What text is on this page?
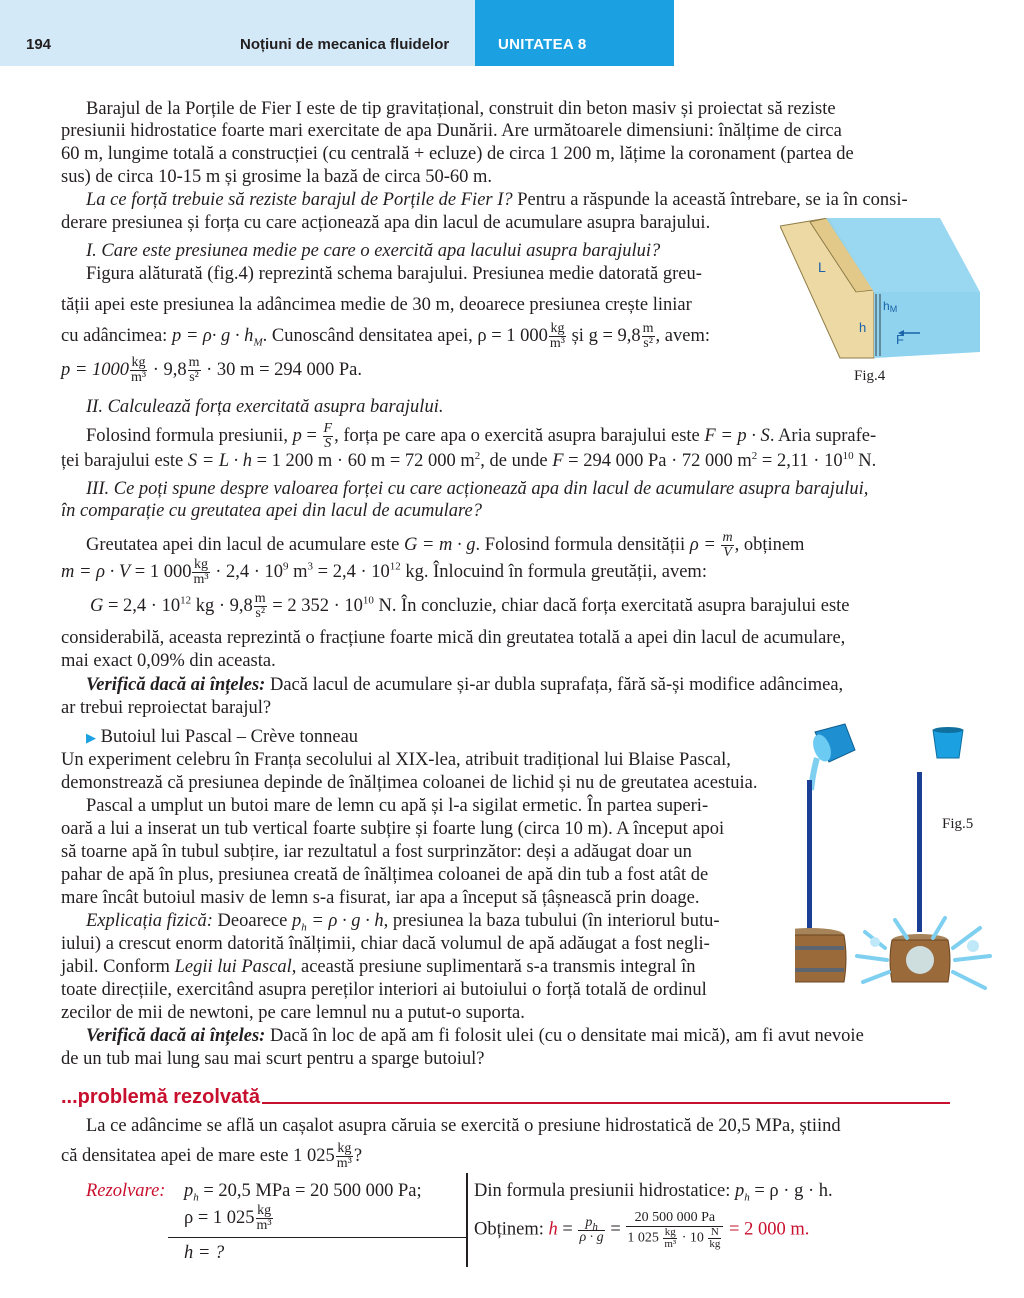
194	Noțiuni de mecanica fluidelor	UNITATEA 8
Barajul de la Porțile de Fier I este de tip gravitațional, construit din beton masiv și proiectat să reziste
presiunii hidrostatice foarte mari exercitate de apa Dunării. Are următoarele dimensiuni: înălțime de circa
60 m, lungime totală a construcției (cu centrală + ecluze) de circa 1 200 m, lățime la coronament (partea de
sus) de circa 10-15 m și grosime la bază de circa 50-60 m.
La ce forță trebuie să reziste barajul de Porțile de Fier I? Pentru a răspunde la această întrebare, se ia în consi-
derare presiunea și forța cu care acționează apa din lacul de acumulare asupra barajului.
I. Care este presiunea medie pe care o exercită apa lacului asupra barajului?
Figura alăturată (fig.4) reprezintă schema barajului. Presiunea medie datorată greu-
tății apei este presiunea la adâncimea medie de 30 m, deoarece presiunea crește liniar
cu adâncimea: $p = \rho\cdot g \cdot h_M$. Cunoscând densitatea apei, ρ = 1 $000 \frac{kg}{\text{m³}}$ și $g = 9,8 \frac{m}{\text{s²}}$ , avem:
$p = 1000 \frac{kg}{\text{m³}} \cdot 9,8 \frac{m}{\text{s²}} \cdot 30$ m = 294 000 Pa.
II. Calculează forța exercitată asupra barajului.
Folosind formula presiunii, $p = \frac{F}{S}$ , forța pe care apa o exercită asupra barajului este F = p · S. Aria suprafe-
ței barajului este S = L · h = 1 200 m · 60 m = 72 000 $m^2$, de unde F = 294 000 Pa · 72 000 $m^2 = 2,11 \cdot 10^{10}$ N.
III. Ce poți spune despre valoarea forței cu care acționează apa din lacul de acumulare asupra barajului,
în comparație cu greutatea apei din lacul de acumulare?
Greutatea apei din lacul de acumulare este G = m · g. Folosind formula densității $\rho = \frac{m}{V}$ , obținem
m = ρ · V = 1 $000 \frac{kg}{\text{m³}} \cdot 2,4 \cdot 10^9$ $m^3 = 2,4 \cdot 10^{12}$ kg. Înlocuind în formula greutății, avem:
$G = 2,4 \cdot 10^{12}$ kg · $9,8 \frac{m}{\text{s²}} = 2$ $352 \cdot 10^{10}$ N. În concluzie, chiar dacă forța exercitată asupra barajului este
considerabilă, aceasta reprezintă o fracțiune foarte mică din greutatea totală a apei din lacul de acumulare,
mai exact 0,09% din aceasta.
Verifică dacă ai înțeles: Dacă lacul de acumulare și-ar dubla suprafața, fără să-și modifice adâncimea,
ar trebui reproiectat barajul?
▶ Butoiul lui Pascal – Crève tonneau
Un experiment celebru în Franța secolului al XIX-lea, atribuit tradițional lui Blaise Pascal,
demonstrează că presiunea depinde de înălțimea coloanei de lichid și nu de greutatea acestuia.
Pascal a umplut un butoi mare de lemn cu apă și l-a sigilat ermetic. În partea superi-
oară a lui a inserat un tub vertical foarte subțire și foarte lung (circa 10 m). A început apoi
să toarne apă în tubul subțire, iar rezultatul a fost surprinzător: deși a adăugat doar un
pahar de apă în plus, presiunea creată de înălțimea coloanei de apă din tub a fost atât de
mare încât butoiul masiv de lemn s-a fisurat, iar apa a început să țâșnească prin doage.
Explicația fizică: Deoarece $p_h = \rho \cdot g \cdot h$, presiunea la baza tubului (în interiorul butu-
iului) a crescut enorm datorită înălțimii, chiar dacă volumul de apă adăugat a fost negli-
jabil. Conform Legii lui Pascal, această presiune suplimentară s-a transmis integral în
toate direcțiile, exercitând asupra pereților interiori ai butoiului o forță totală de ordinul
zecilor de mii de newtoni, pe care lemnul nu a putut-o suporta.
Verifică dacă ai înțeles: Dacă în loc de apă am fi folosit ulei (cu o densitate mai mică), am fi avut nevoie
de un tub mai lung sau mai scurt pentru a sparge butoiul?
...problemă rezolvată
La ce adâncime se află un cașalot asupra căruia se exercită o presiune hidrostatică de 20,5 MPa, știind
că densitatea apei de mare este 1 $025 \frac{kg}{\text{m³}}$ ?
Rezolvare: $p_h = 20,5$ MPa = 20 500 000 Pa;
ρ = 1 $025 \frac{kg}{\text{m³}}$
h = ?
Din formula presiunii hidrostatice: $p_h = \rho \cdot g \cdot h$.
Obținem: $h = \frac{p_h}{\rho \cdot g} = \frac{20 500 000 Pa}{1 025 \frac{kg}{\text{m³}} \cdot 10 \frac{N}{kg}} = 2$ 000 m.
L
h
hM
F
Fig.4
Fig.5
